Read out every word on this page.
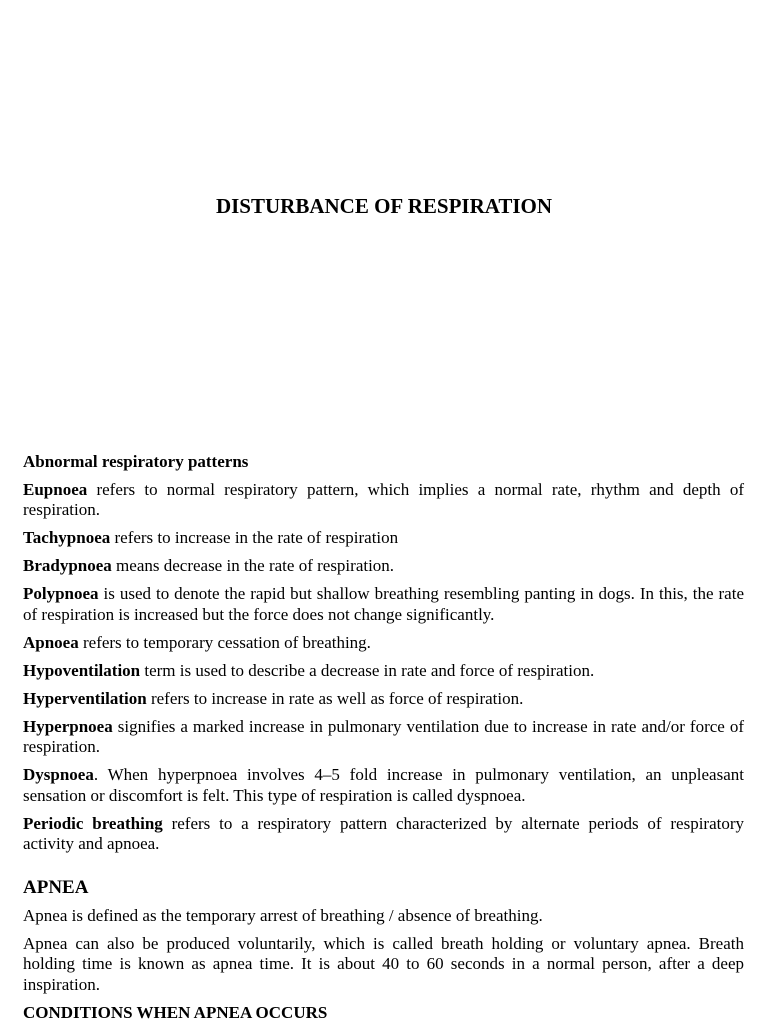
DISTURBANCE OF RESPIRATION
Abnormal respiratory patterns

Eupnoea refers to normal respiratory pattern, which implies a normal rate, rhythm and depth of respiration.

Tachypnoea refers to increase in the rate of respiration

Bradypnoea means decrease in the rate of respiration.

Polypnoea is used to denote the rapid but shallow breathing resembling panting in dogs. In this, the rate of respiration is increased but the force does not change significantly.

Apnoea refers to temporary cessation of breathing.

Hypoventilation term is used to describe a decrease in rate and force of respiration.

Hyperventilation refers to increase in rate as well as force of respiration.

Hyperpnoea signifies a marked increase in pulmonary ventilation due to increase in rate and/or force of respiration.

Dyspnoea. When hyperpnoea involves 4–5 fold increase in pulmonary ventilation, an unpleasant sensation or discomfort is felt. This type of respiration is called dyspnoea.

Periodic breathing refers to a respiratory pattern characterized by alternate periods of respiratory activity and apnoea.

APNEA

Apnea is defined as the temporary arrest of breathing / absence of breathing.

Apnea can also be produced voluntarily, which is called breath holding or voluntary apnea. Breath holding time is known as apnea time. It is about 40 to 60 seconds in a normal person, after a deep inspiration.

CONDITIONS WHEN APNEA OCCURS
